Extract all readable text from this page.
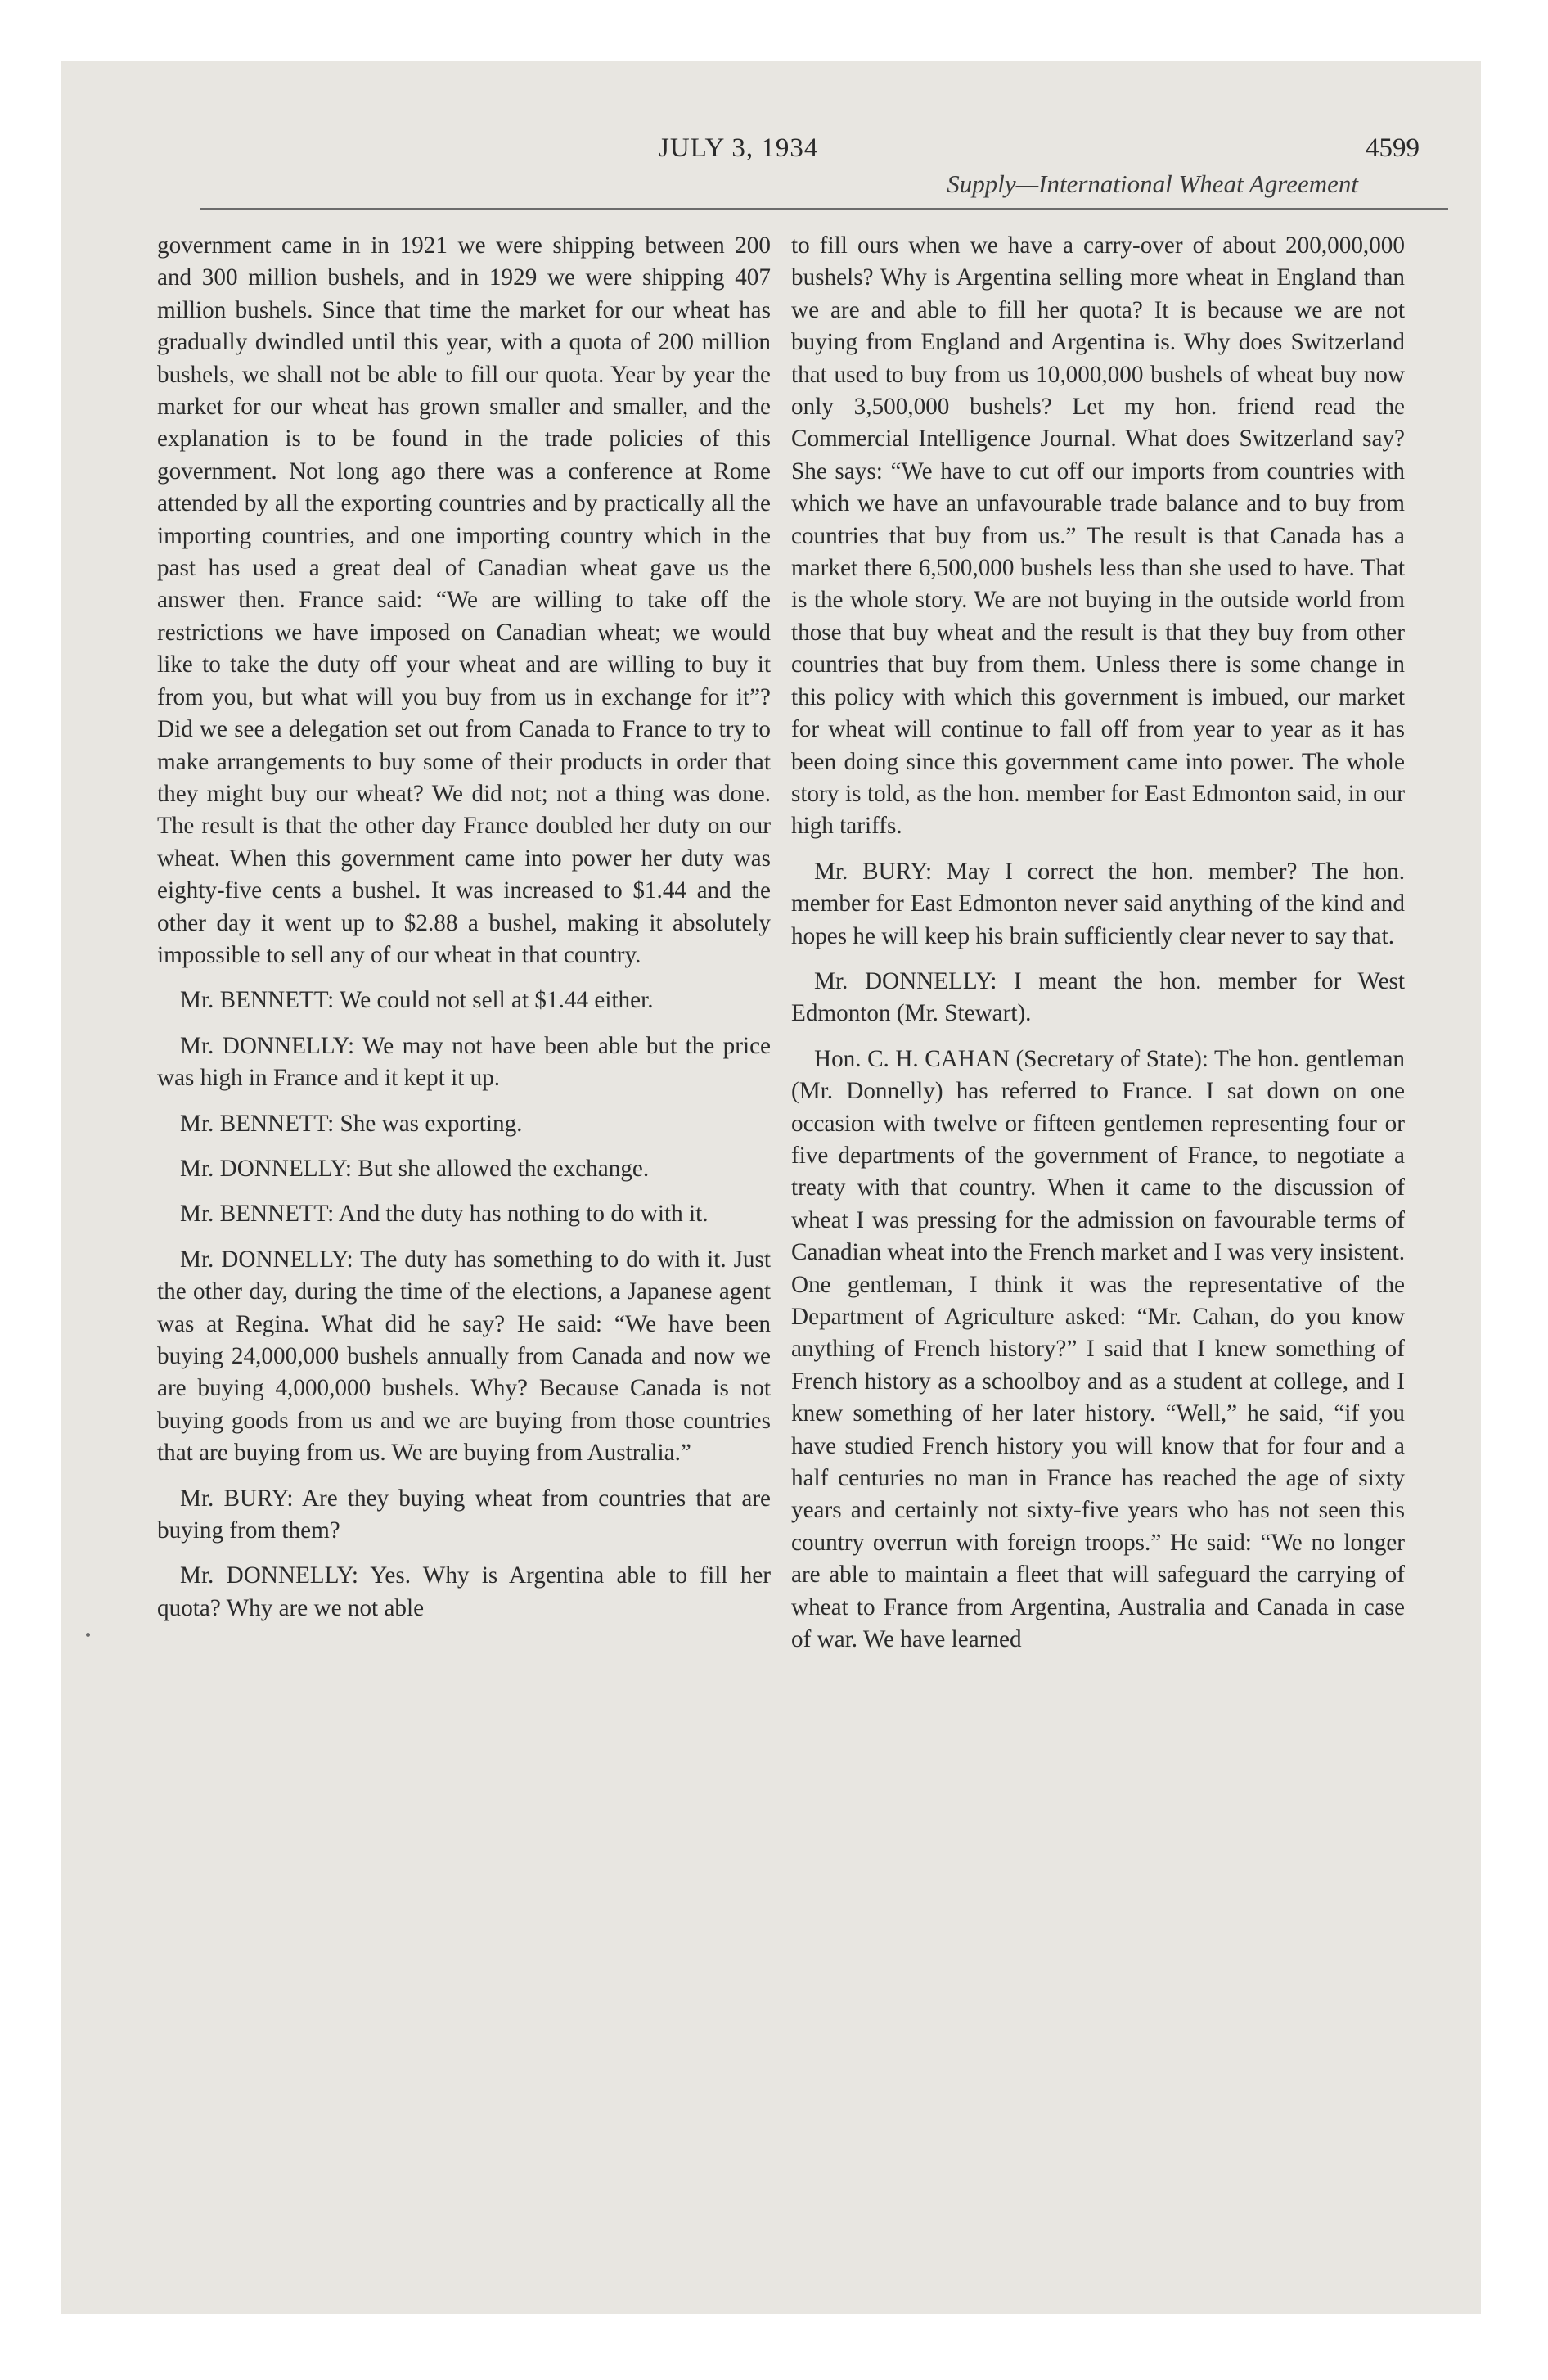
JULY 3, 1934	4599
Supply—International Wheat Agreement

government came in in 1921 we were shipping between 200 and 300 million bushels, and in 1929 we were shipping 407 million bushels. Since that time the market for our wheat has gradually dwindled until this year, with a quota of 200 million bushels, we shall not be able to fill our quota. Year by year the market for our wheat has grown smaller and smaller, and the explanation is to be found in the trade policies of this government. Not long ago there was a conference at Rome attended by all the exporting countries and by practically all the importing countries, and one importing country which in the past has used a great deal of Canadian wheat gave us the answer then. France said: “We are willing to take off the restrictions we have imposed on Canadian wheat; we would like to take the duty off your wheat and are willing to buy it from you, but what will you buy from us in exchange for it”? Did we see a delegation set out from Canada to France to try to make arrangements to buy some of their products in order that they might buy our wheat? We did not; not a thing was done. The result is that the other day France doubled her duty on our wheat. When this government came into power her duty was eighty-five cents a bushel. It was increased to $1.44 and the other day it went up to $2.88 a bushel, making it absolutely impossible to sell any of our wheat in that country.

Mr. BENNETT: We could not sell at $1.44 either.

Mr. DONNELLY: We may not have been able but the price was high in France and it kept it up.

Mr. BENNETT: She was exporting.

Mr. DONNELLY: But she allowed the exchange.

Mr. BENNETT: And the duty has nothing to do with it.

Mr. DONNELLY: The duty has something to do with it. Just the other day, during the time of the elections, a Japanese agent was at Regina. What did he say? He said: “We have been buying 24,000,000 bushels annually from Canada and now we are buying 4,000,000 bushels. Why? Because Canada is not buying goods from us and we are buying from those countries that are buying from us. We are buying from Australia.”

Mr. BURY: Are they buying wheat from countries that are buying from them?

Mr. DONNELLY: Yes. Why is Argentina able to fill her quota? Why are we not able

to fill ours when we have a carry-over of about 200,000,000 bushels? Why is Argentina selling more wheat in England than we are and able to fill her quota? It is because we are not buying from England and Argentina is. Why does Switzerland that used to buy from us 10,000,000 bushels of wheat buy now only 3,500,000 bushels? Let my hon. friend read the Commercial Intelligence Journal. What does Switzerland say? She says: “We have to cut off our imports from countries with which we have an unfavourable trade balance and to buy from countries that buy from us.” The result is that Canada has a market there 6,500,000 bushels less than she used to have. That is the whole story. We are not buying in the outside world from those that buy wheat and the result is that they buy from other countries that buy from them. Unless there is some change in this policy with which this government is imbued, our market for wheat will continue to fall off from year to year as it has been doing since this government came into power. The whole story is told, as the hon. member for East Edmonton said, in our high tariffs.

Mr. BURY: May I correct the hon. member? The hon. member for East Edmonton never said anything of the kind and hopes he will keep his brain sufficiently clear never to say that.

Mr. DONNELLY: I meant the hon. member for West Edmonton (Mr. Stewart).

Hon. C. H. CAHAN (Secretary of State): The hon. gentleman (Mr. Donnelly) has referred to France. I sat down on one occasion with twelve or fifteen gentlemen representing four or five departments of the government of France, to negotiate a treaty with that country. When it came to the discussion of wheat I was pressing for the admission on favourable terms of Canadian wheat into the French market and I was very insistent. One gentleman, I think it was the representative of the Department of Agriculture asked: “Mr. Cahan, do you know anything of French history?” I said that I knew something of French history as a schoolboy and as a student at college, and I knew something of her later history. “Well,” he said, “if you have studied French history you will know that for four and a half centuries no man in France has reached the age of sixty years and certainly not sixty-five years who has not seen this country overrun with foreign troops.” He said: “We no longer are able to maintain a fleet that will safeguard the carrying of wheat to France from Argentina, Australia and Canada in case of war. We have learned
